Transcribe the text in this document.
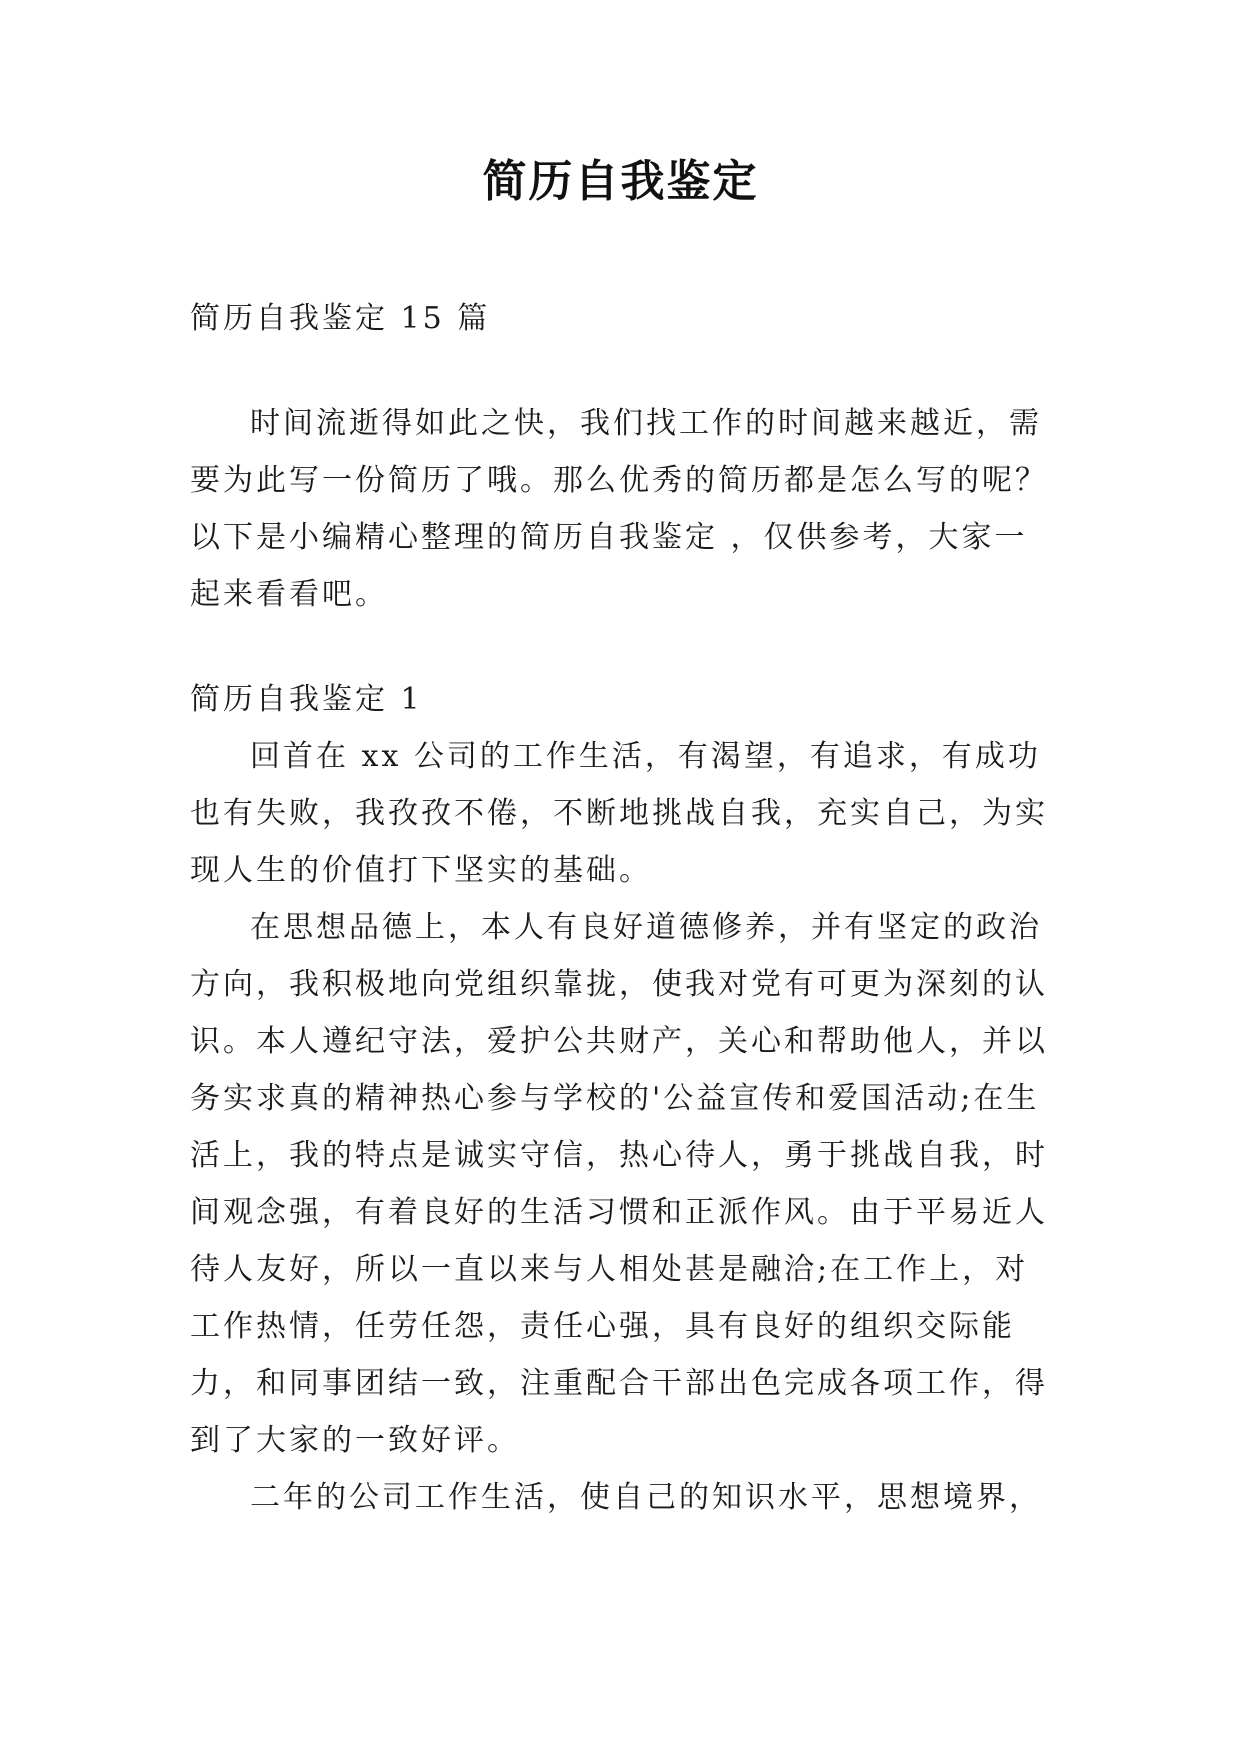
简历自我鉴定

简历自我鉴定 15 篇

时间流逝得如此之快，我们找工作的时间越来越近，需要为此写一份简历了哦。那么优秀的简历都是怎么写的呢？以下是小编精心整理的简历自我鉴定 ，仅供参考，大家一起来看看吧。

简历自我鉴定 1

回首在 xx 公司的工作生活，有渴望，有追求，有成功也有失败，我孜孜不倦，不断地挑战自我，充实自己，为实现人生的价值打下坚实的基础。

在思想品德上，本人有良好道德修养，并有坚定的政治方向，我积极地向党组织靠拢，使我对党有可更为深刻的认识。本人遵纪守法，爱护公共财产，关心和帮助他人，并以务实求真的精神热心参与学校的'公益宣传和爱国活动;在生活上，我的特点是诚实守信，热心待人，勇于挑战自我，时间观念强，有着良好的生活习惯和正派作风。由于平易近人待人友好，所以一直以来与人相处甚是融洽;在工作上，对工作热情，任劳任怨，责任心强，具有良好的组织交际能力，和同事团结一致，注重配合干部出色完成各项工作，得到了大家的一致好评。

二年的公司工作生活，使自己的知识水平，思想境界，
